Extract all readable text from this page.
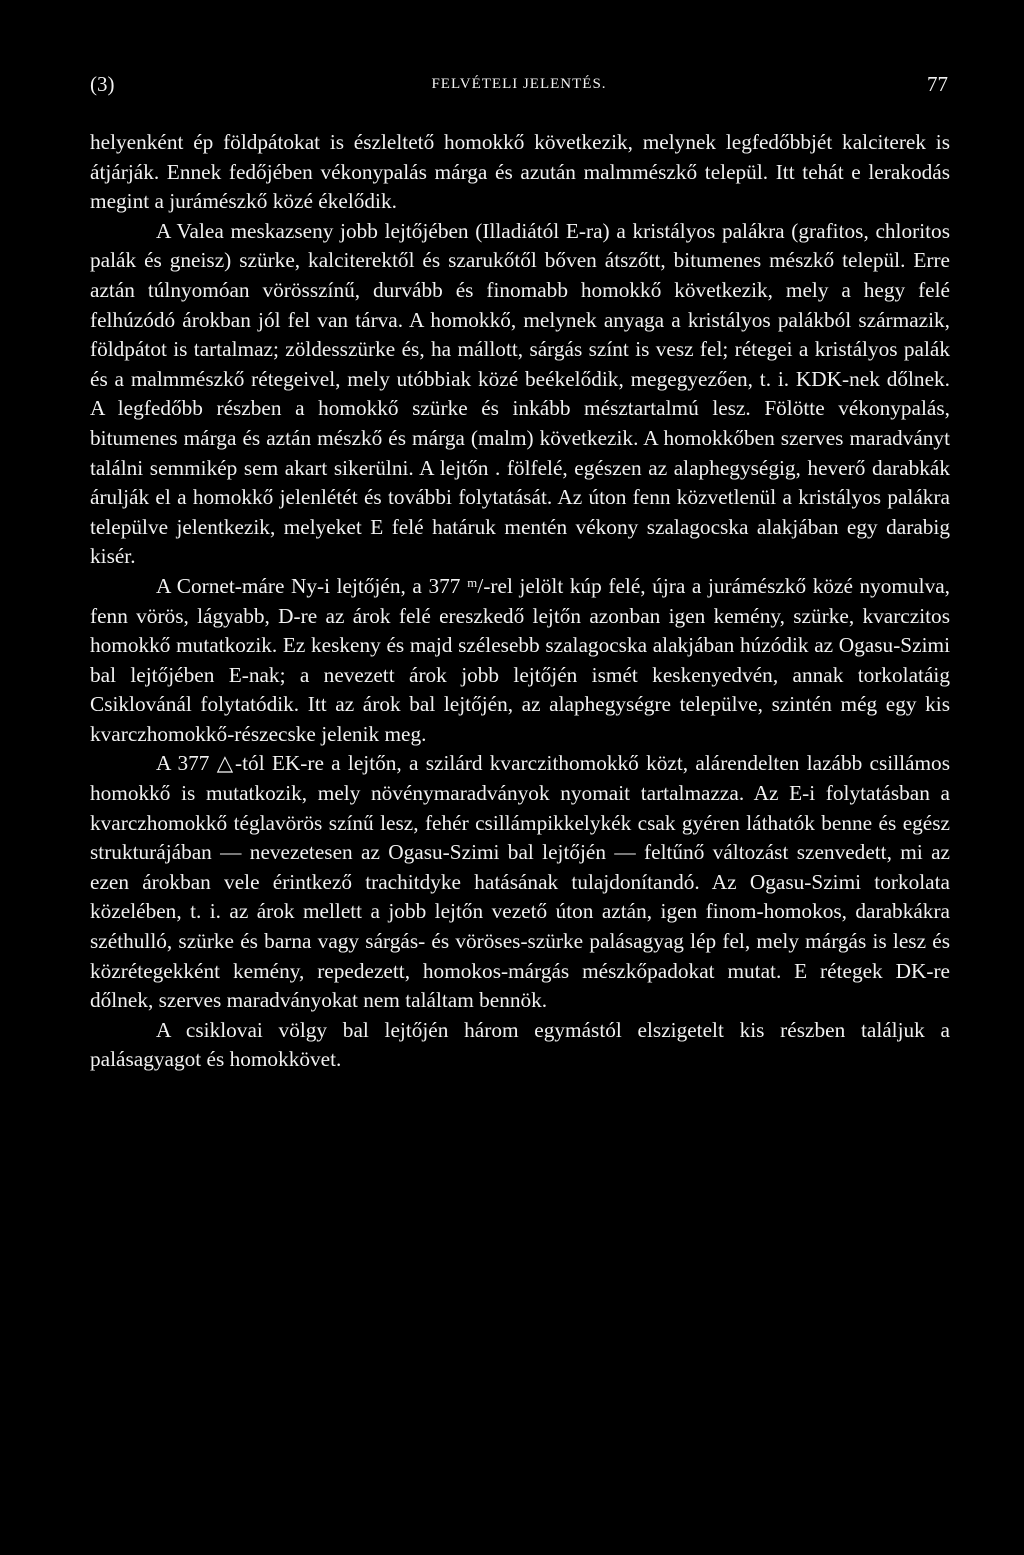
(3)	FELVÉTELI JELENTÉS.	77

helyenként ép földpátokat is észleltető homokkő következik, melynek legfedőbbjét kalciterek is átjárják. Ennek fedőjében vékonypalás márga és azután malmmészkő települ. Itt tehát e lerakodás megint a jurámészkő közé ékelődik.

A Valea meskazseny jobb lejtőjében (Illadiától E-ra) a kristályos palákra (grafitos, chloritos palák és gneisz) szürke, kalciterektől és szarukőtől bőven átszőtt, bitumenes mészkő települ. Erre aztán túlnyomóan vörösszínű, durvább és finomabb homokkő következik, mely a hegy felé felhúzódó árokban jól fel van tárva. A homokkő, melynek anyaga a kristályos palákból származik, földpátot is tartalmaz; zöldesszürke és, ha mállott, sárgás színt is vesz fel; rétegei a kristályos palák és a malmmészkő rétegeivel, mely utóbbiak közé beékelődik, megegyezően, t. i. KDK-nek dőlnek. A legfedőbb részben a homokkő szürke és inkább mésztartalmú lesz. Fölötte vékonypalás, bitumenes márga és aztán mészkő és márga (malm) következik. A homokkőben szerves maradványt találni semmikép sem akart sikerülni. A lejtőn . fölfelé, egészen az alaphegységig, heverő darabkák árulják el a homokkő jelenlétét és további folytatását. Az úton fenn közvetlenül a kristályos palákra települve jelentkezik, melyeket E felé határuk mentén vékony szalagocska alakjában egy darabig kisér.

A Cornet-máre Ny-i lejtőjén, a 377 ᵐ/-rel jelölt kúp felé, újra a jurámészkő közé nyomulva, fenn vörös, lágyabb, D-re az árok felé ereszkedő lejtőn azonban igen kemény, szürke, kvarczitos homokkő mutatkozik. Ez keskeny és majd szélesebb szalagocska alakjában húzódik az Ogasu-Szimi bal lejtőjében E-nak; a nevezett árok jobb lejtőjén ismét keskenyedvén, annak torkolatáig Csiklovánál folytatódik. Itt az árok bal lejtőjén, az alaphegységre települve, szintén még egy kis kvarczhomokkő-részecske jelenik meg.

A 377 △-tól EK-re a lejtőn, a szilárd kvarczithomokkő közt, alárendelten lazább csillámos homokkő is mutatkozik, mely növénymaradványok nyomait tartalmazza. Az E-i folytatásban a kvarczhomokkő téglavörös színű lesz, fehér csillámpikkelykék csak gyéren láthatók benne és egész strukturájában — nevezetesen az Ogasu-Szimi bal lejtőjén — feltűnő változást szenvedett, mi az ezen árokban vele érintkező trachitdyke hatásának tulajdonítandó. Az Ogasu-Szimi torkolata közelében, t. i. az árok mellett a jobb lejtőn vezető úton aztán, igen finom-homokos, darabkákra széthulló, szürke és barna vagy sárgás- és vöröses-szürke palásagyag lép fel, mely márgás is lesz és közrétegekként kemény, repedezett, homokos-márgás mészkőpadokat mutat. E rétegek DK-re dőlnek, szerves maradványokat nem találtam bennök.

A csiklovai völgy bal lejtőjén három egymástól elszigetelt kis részben találjuk a palásagyagot és homokkövet.
